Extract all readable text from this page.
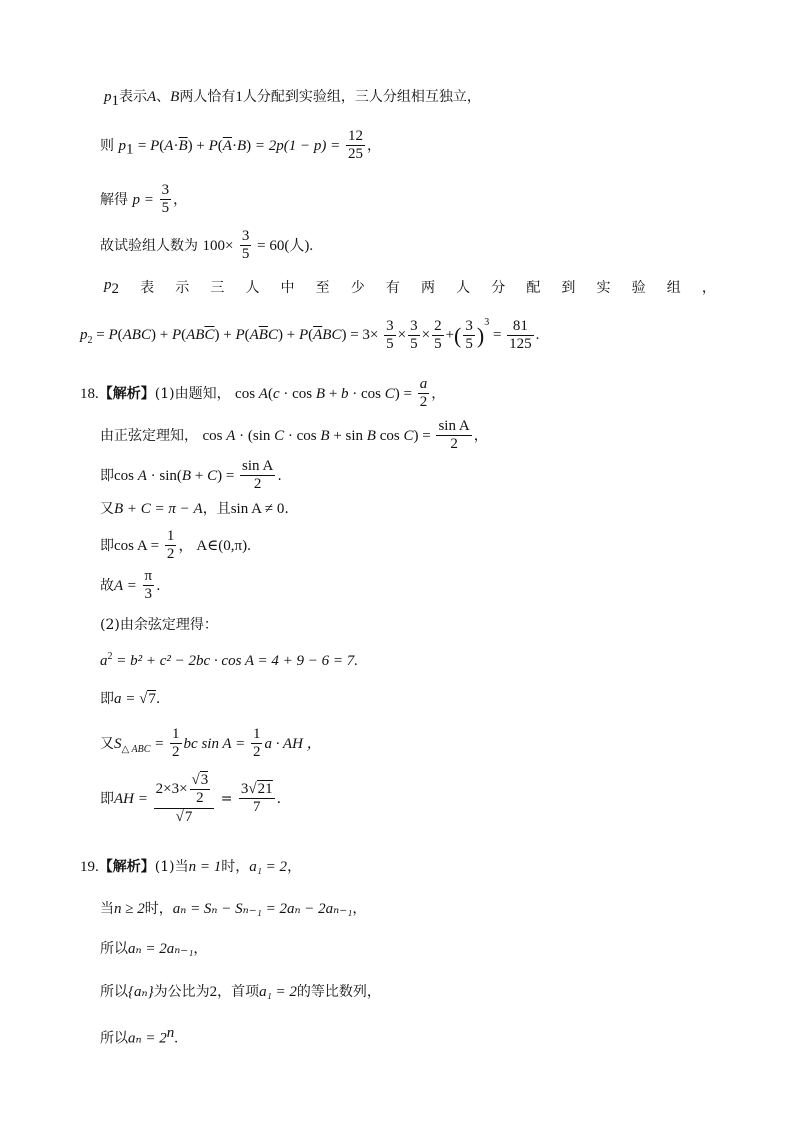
$p_1$表示A、B两人恰有1人分配到实验组，三人分组相互独立，
则 $p_1 = P(A\cdot\overline{B}) + P(\overline{A}\cdot B) = 2p(1 - p) = \frac{12}{25}$ ，
解得 $p = \frac{3}{5}$ ，
故试验组人数为 $100\times \frac{3}{5} = 60$(人).
$p_2$ 表 示 三 人 中 至 少 有 两 人 分 配 到 实 验 组 ，
$p_2 = P(ABC) + P(AB\overline{C}) + P(A\overline{B}C) + P(\overline{A}BC) = 3\times \frac{3}{5} \times \frac{3}{5} \times \frac{2}{5}$ +( $\frac{3}{5} )^3 = \frac{81}{125}$ .
18.【解析】(1)由题知， $\cos A(c \cdot \cos B + b \cdot \cos C) = \frac{a}{2}$ ，
由正弦定理知， cos A · (sin C · cos B + sin B $\cos C) = \frac{\text{sin A}}{2}$ ，
即$\cos A \cdot \sin(B + C) = \frac{\text{sin A}}{2}$ .
又B + C = π − A，且sin A ≠ 0.
即$\cos A = \frac{1}{2}$ ， A∈(0,π).
故$A = \frac{\pi}{3}$ .
(2)由余弦定理得：
$a^2 = b^2 + c^2 - 2bc \cdot \cos A = 4 + 9 - 6 = 7$.
即a = √7.
又$S_{\triangle ABC} = \frac{1}{2}$ bc $\sin A = \frac{1}{2}$ a · AH ，
即AH = $\frac{2\times 3\times \frac{√3}{2}}{√7} = \frac{3√21}{7}$ .
19.【解析】(1)当n = 1时，a₁ = 2，
当n ≥ 2时，aₙ = Sₙ − Sₙ₋₁ = 2aₙ − 2aₙ₋₁，
所以aₙ = 2aₙ₋₁，
所以{aₙ}为公比为2，首项a₁ = 2的等比数列，
所以$a_n = 2^n$.
